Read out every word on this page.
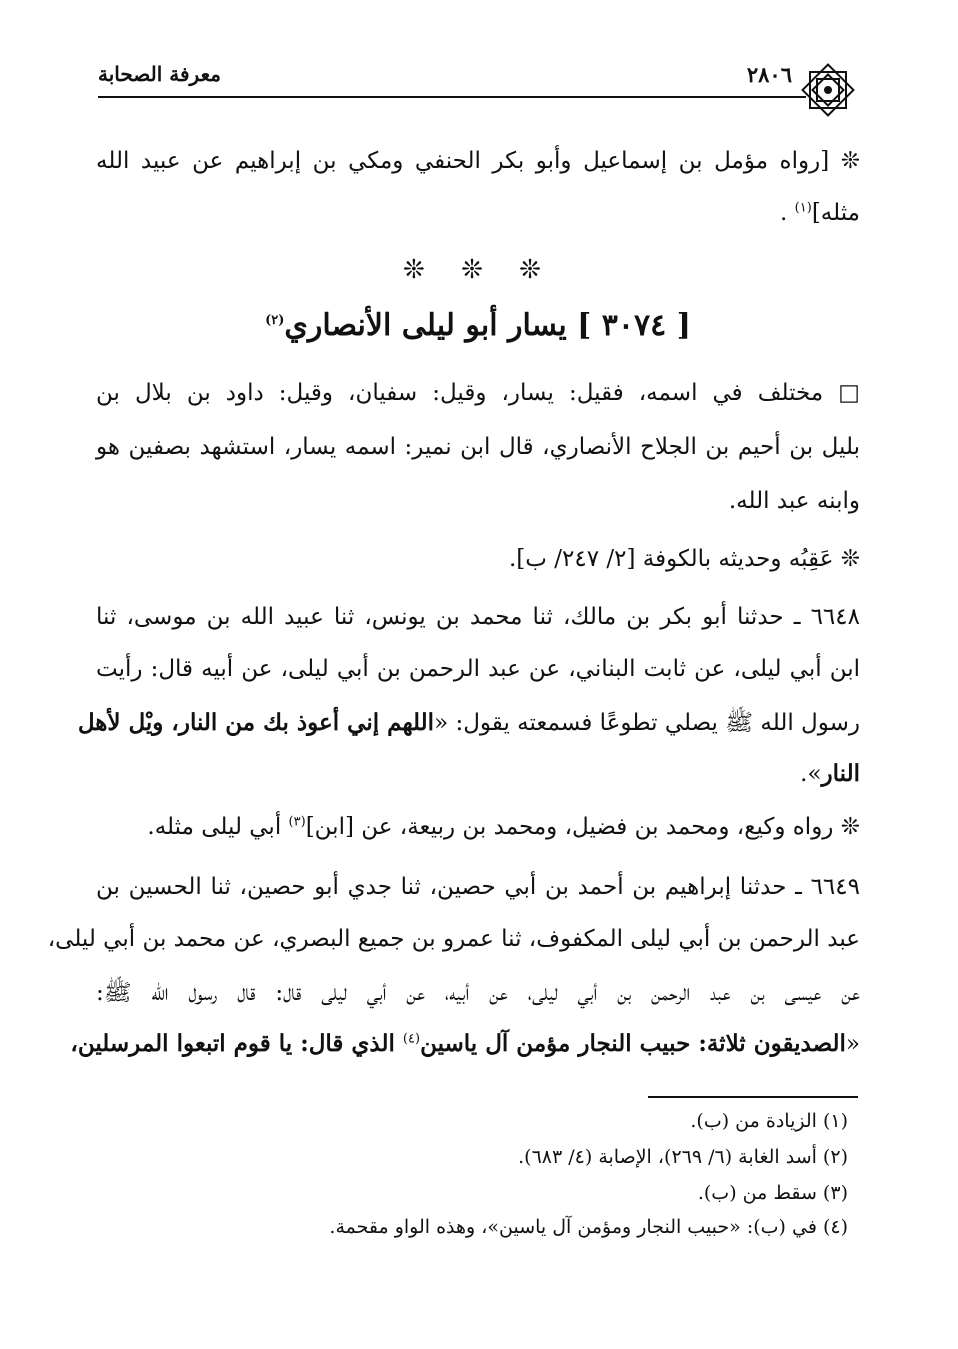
معرفة الصحابة	٢٨٠٦
❊ [رواه مؤمل بن إسماعيل وأبو بكر الحنفي ومكي بن إبراهيم عن عبيد الله
مثله]$^{(١)}$ .
❊ ❊ ❊
[ ٣٠٧٤ ] يسار أبو ليلى الأنصاري$^{(٢)}$
□ مختلف في اسمه، فقيل: يسار، وقيل: سفيان، وقيل: داود بن بلال بن
بليل بن أحيم بن الجلاح الأنصاري، قال ابن نمير: اسمه يسار، استشهد بصفين هو
وابنه عبد الله.
❊ عَقِبُه وحديثه بالكوفة [٢/ ٢٤٧/ ب].
٦٦٤٨ ـ حدثنا أبو بكر بن مالك، ثنا محمد بن يونس، ثنا عبيد الله بن موسى، ثنا
ابن أبي ليلى، عن ثابت البناني، عن عبد الرحمن بن أبي ليلى، عن أبيه قال: رأيت
رسول الله ﷺ يصلي تطوعًا فسمعته يقول: «اللهم إني أعوذ بك من النار، ويْل لأهل
النار».
❊ رواه وكيع، ومحمد بن فضيل، ومحمد بن ربيعة، عن [ابن]$^{(٣)}$ أبي ليلى مثله.
٦٦٤٩ ـ حدثنا إبراهيم بن أحمد بن أبي حصين، ثنا جدي أبو حصين، ثنا الحسين بن
عبد الرحمن بن أبي ليلى المكفوف، ثنا عمرو بن جميع البصري، عن محمد بن أبي ليلى،
عن عيسى بن عبد الرحمن بن أبي ليلى، عن أبيه، عن أبي ليلى قال: قال رسول الله ﷺ:
«الصديقون ثلاثة: حبيب النجار مؤمن آل ياسين$^{(٤)}$ الذي قال: يا قوم اتبعوا المرسلين،
(١) الزيادة من (ب).
(٢) أسد الغابة (٦/ ٢٦٩)، الإصابة (٤/ ٦٨٣).
(٣) سقط من (ب).
(٤) في (ب): «حبيب النجار ومؤمن آل ياسين»، وهذه الواو مقحمة.
